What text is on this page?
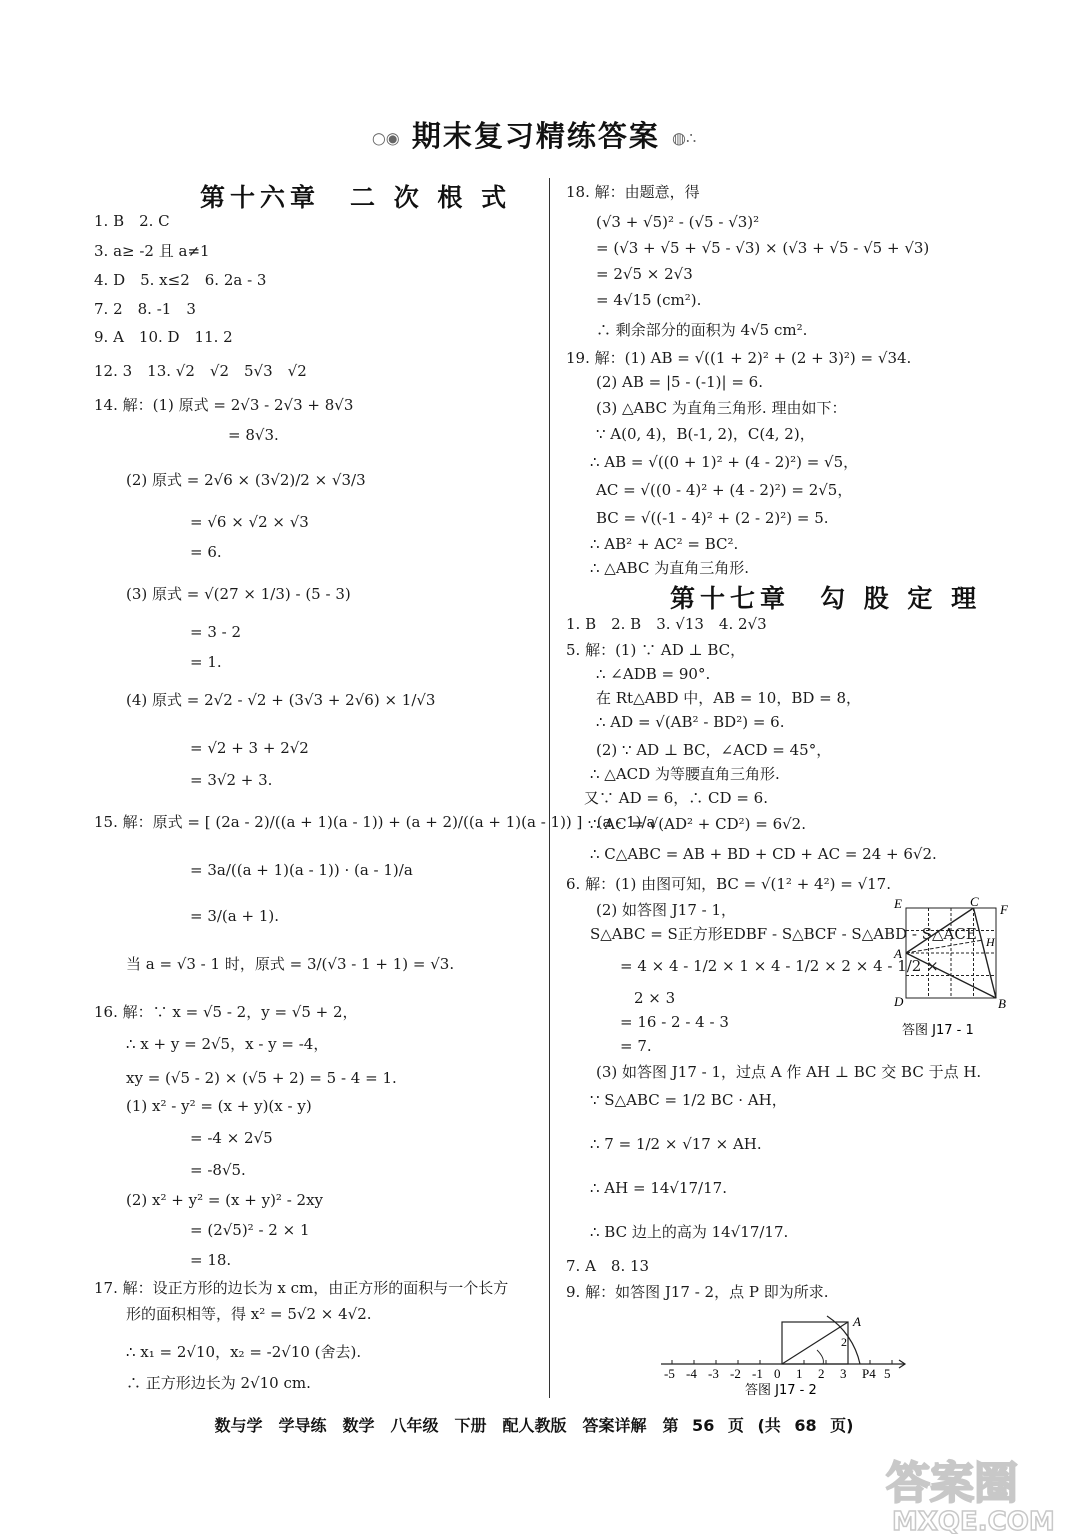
○◉ 期末复习精练答案 ◍∴
第十六章　二 次 根 式
第十七章　勾 股 定 理
1. B　2. C
3. a≥ -2 且 a≠1
4. D　5. x≤2　6. 2a - 3
7. 2　8. -1　3
9. A　10. D　11. 2
12. 3　13. √2　√2　5√3　√2
14. 解：(1) 原式 = 2√3 - 2√3 + 8√3
= 8√3.
(2) 原式 = 2√6 × (3√2)/2 × √3/3
= √6 × √2 × √3
= 6.
(3) 原式 = √(27 × 1/3) - (5 - 3)
= 3 - 2
= 1.
(4) 原式 = 2√2 - √2 + (3√3 + 2√6) × 1/√3
= √2 + 3 + 2√2
= 3√2 + 3.
15. 解：原式 = [ (2a - 2)/((a + 1)(a - 1)) + (a + 2)/((a + 1)(a - 1)) ] · (a - 1)/a
= 3a/((a + 1)(a - 1)) · (a - 1)/a
= 3/(a + 1).
当 a = √3 - 1 时，原式 = 3/(√3 - 1 + 1) = √3.
16. 解：∵ x = √5 - 2，y = √5 + 2，
∴ x + y = 2√5，x - y = -4，
xy = (√5 - 2) × (√5 + 2) = 5 - 4 = 1.
(1) x² - y² = (x + y)(x - y)
= -4 × 2√5
= -8√5.
(2) x² + y² = (x + y)² - 2xy
= (2√5)² - 2 × 1
= 18.
17. 解：设正方形的边长为 x cm，由正方形的面积与一个长方
形的面积相等，得 x² = 5√2 × 4√2.
∴ x₁ = 2√10，x₂ = -2√10 (舍去).
∴ 正方形边长为 2√10 cm.
18. 解：由题意，得
(√3 + √5)² - (√5 - √3)²
= (√3 + √5 + √5 - √3) × (√3 + √5 - √5 + √3)
= 2√5 × 2√3
= 4√15 (cm²).
∴ 剩余部分的面积为 4√5 cm².
19. 解：(1) AB = √((1 + 2)² + (2 + 3)²) = √34.
(2) AB = |5 - (-1)| = 6.
(3) △ABC 为直角三角形. 理由如下：
∵ A(0, 4)，B(-1, 2)，C(4, 2)，
∴ AB = √((0 + 1)² + (4 - 2)²) = √5，
AC = √((0 - 4)² + (4 - 2)²) = 2√5，
BC = √((-1 - 4)² + (2 - 2)²) = 5.
∴ AB² + AC² = BC².
∴ △ABC 为直角三角形.
1. B　2. B　3. √13　4. 2√3
5. 解：(1) ∵ AD ⊥ BC，
∴ ∠ADB = 90°.
在 Rt△ABD 中，AB = 10，BD = 8，
∴ AD = √(AB² - BD²) = 6.
(2) ∵ AD ⊥ BC，∠ACD = 45°，
∴ △ACD 为等腰直角三角形.
又∵ AD = 6，∴ CD = 6.
∴ AC = √(AD² + CD²) = 6√2.
∴ C△ABC = AB + BD + CD + AC = 24 + 6√2.
6. 解：(1) 由图可知，BC = √(1² + 4²) = √17.
(2) 如答图 J17 - 1，
S△ABC = S正方形EDBF - S△BCF - S△ABD - S△ACE
= 4 × 4 - 1/2 × 1 × 4 - 1/2 × 2 × 4 - 1/2 ×
2 × 3
= 16 - 2 - 4 - 3
= 7.
(3) 如答图 J17 - 1，过点 A 作 AH ⊥ BC 交 BC 于点 H.
∵ S△ABC = 1/2 BC · AH，
∴ 7 = 1/2 × √17 × AH.
∴ AH = 14√17/17.
∴ BC 边上的高为 14√17/17.
7. A　8. 13
9. 解：如答图 J17 - 2，点 P 即为所求.
E	C
F
H
A
D	B
答图 J17 - 1
-5 -4 -3 -2 -1 0 1 2 3 P4 5
A
2
答图 J17 - 2
数与学　学导练　数学　八年级　下册　配人教版　答案详解　第 56 页 (共 68 页)
答案圈
MXQE.COM
